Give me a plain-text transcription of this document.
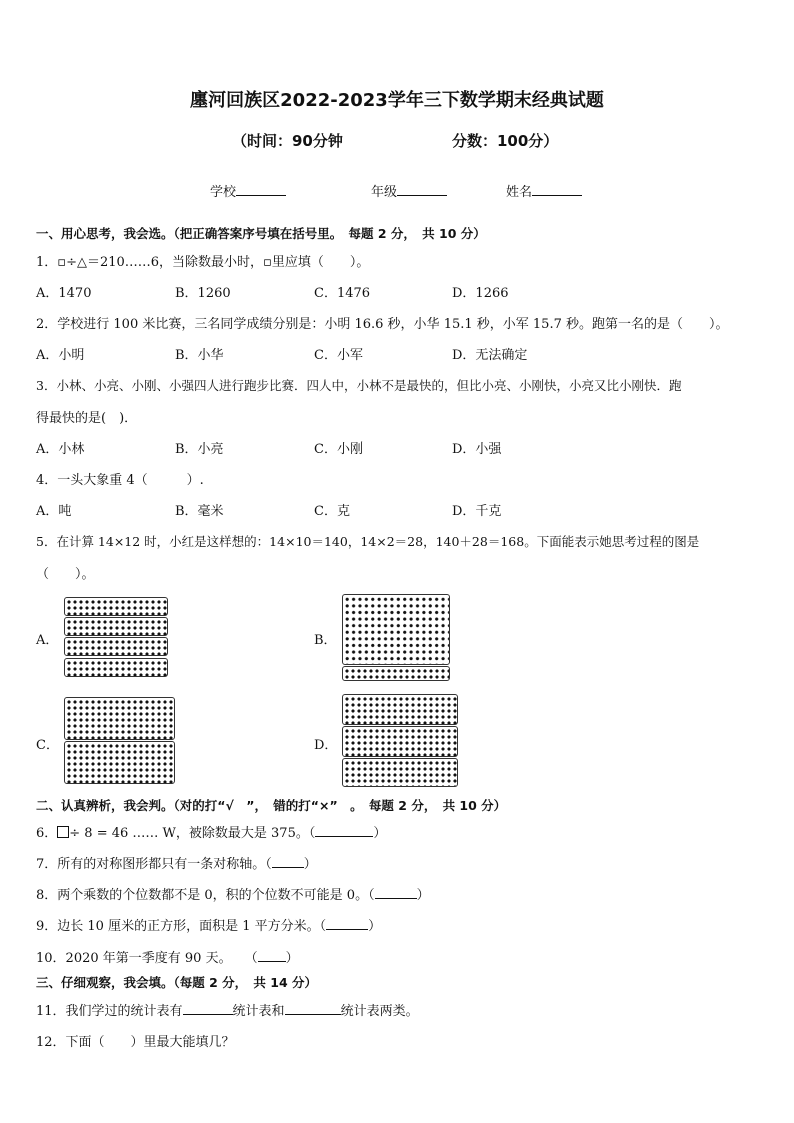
廛河回族区2022-2023学年三下数学期末经典试题
（时间：90分钟	分数：100分）
学校	年级	姓名
一、用心思考，我会选。（把正确答案序号填在括号里。　每题 2 分，　共 10 分）
1．▫÷△＝210……6，当除数最小时，▫里应填（　　）。
A．1470	B．1260	C．1476	D．1266
2．学校进行 100 米比赛，三名同学成绩分别是：小明 16.6 秒，小华 15.1 秒，小军 15.7 秒。跑第一名的是（　　）。
A．小明	B．小华	C．小军	D．无法确定
3．小林、小亮、小刚、小强四人进行跑步比赛．四人中，小林不是最快的，但比小亮、小刚快，小亮又比小刚快．跑
得最快的是(　)．
A．小林	B．小亮	C．小刚	D．小强
4．一头大象重 4（　　　）.
A．吨	B．毫米	C．克	D．千克
5．在计算 14×12 时，小红是这样想的：14×10＝140，14×2＝28，140＋28＝168。下面能表示她思考过程的图是
（　　）。
A．	B．
C．	D．
二、认真辨析，我会判。（对的打“√　”，　错的打“×”　。　每题 2 分，　共 10 分）
6． ÷ 8 = 46 …… W，被除数最大是 375。（	）
7．所有的对称图形都只有一条对称轴。（ ）
8．两个乘数的个位数都不是 0，积的个位数不可能是 0。（	）
9．边长 10 厘米的正方形，面积是 1 平方分米。（	）
10．2020 年第一季度有 90 天。　　（ ）
三、仔细观察，我会填。（每题 2 分，　共 14 分）
11．我们学过的统计表有	统计表和	统计表两类。
12．下面（　　）里最大能填几？
